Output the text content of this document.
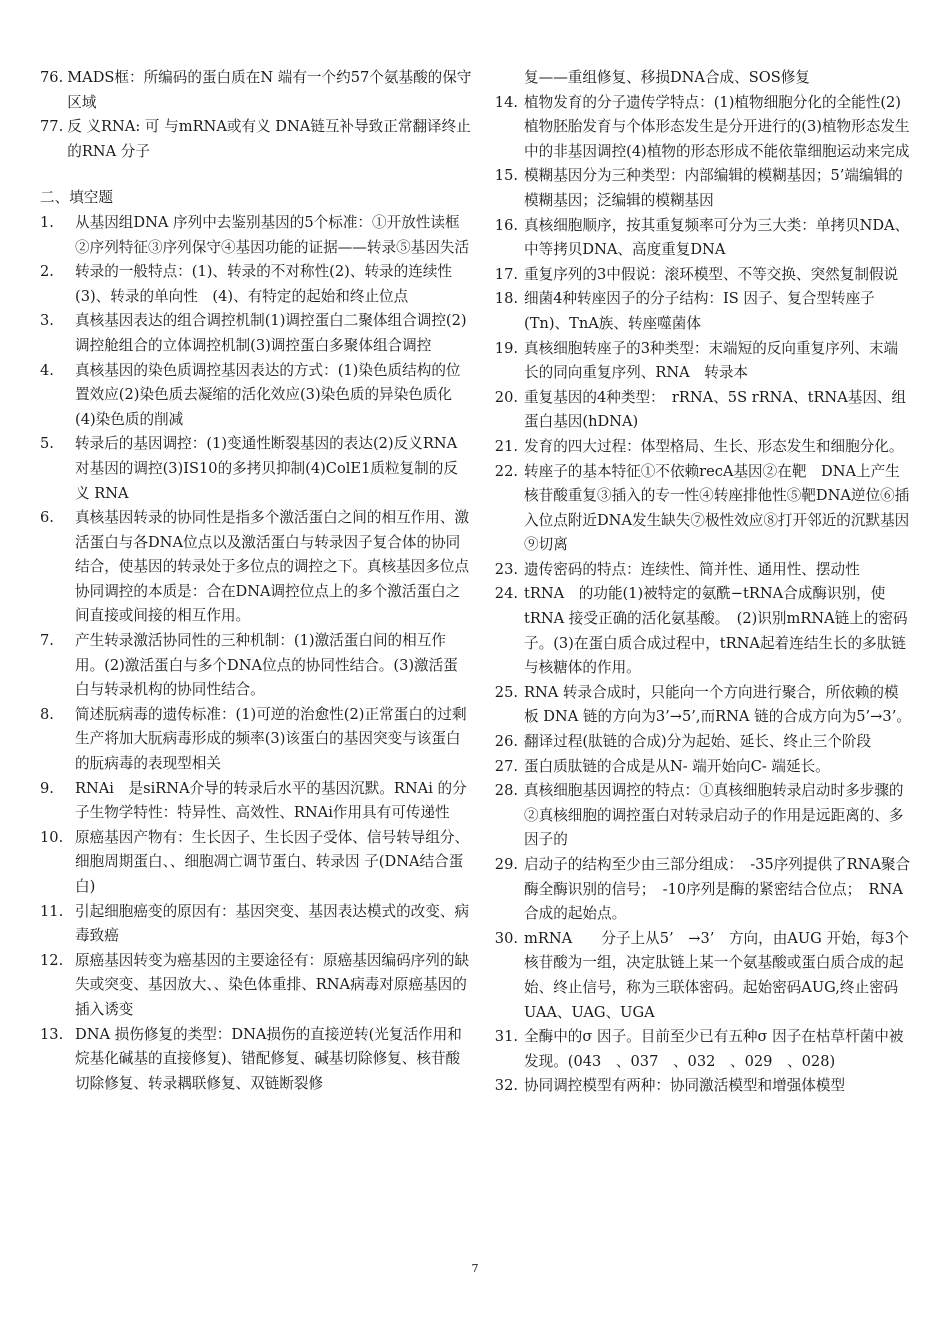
76. MADS框：所编码的蛋白质在N 端有一个约57个氨基酸的保守区域
77. 反 义RNA: 可 与mRNA或有义 DNA链互补导致正常翻译终止的RNA 分子
二、填空题
1.	从基因组DNA 序列中去鉴别基因的5个标准：①开放性读框②序列特征③序列保守④基因功能的证据——转录⑤基因失活
2.	转录的一般特点：(1)、转录的不对称性(2)、转录的连续性(3)、转录的单向性　(4)、有特定的起始和终止位点
3.	真核基因表达的组合调控机制(1)调控蛋白二聚体组合调控(2)调控舱组合的立体调控机制(3)调控蛋白多聚体组合调控
4.	真核基因的染色质调控基因表达的方式：(1)染色质结构的位置效应(2)染色质去凝缩的活化效应(3)染色质的异染色质化(4)染色质的削减
5.	转录后的基因调控：(1)变通性断裂基因的表达(2)反义RNA 对基因的调控(3)IS10的多拷贝抑制(4)ColE1质粒复制的反义 RNA
6.	真核基因转录的协同性是指多个激活蛋白之间的相互作用、激活蛋白与各DNA位点以及激活蛋白与转录因子复合体的协同结合，使基因的转录处于多位点的调控之下。真核基因多位点协同调控的本质是：合在DNA调控位点上的多个激活蛋白之间直接或间接的相互作用。
7.	产生转录激活协同性的三种机制：(1)激活蛋白间的相互作用。(2)激活蛋白与多个DNA位点的协同性结合。(3)激活蛋白与转录机构的协同性结合。
8.	简述朊病毒的遗传标准：(1)可逆的治愈性(2)正常蛋白的过剩生产将加大朊病毒形成的频率(3)该蛋白的基因突变与该蛋白的朊病毒的表现型相关
9.	RNAi　是siRNA介导的转录后水平的基因沉默。RNAi 的分子生物学特性：特异性、高效性、RNAi作用具有可传递性
10. 原癌基因产物有：生长因子、生长因子受体、信号转导组分、细胞周期蛋白、、细胞凋亡调节蛋白、转录因 子(DNA结合蛋白)
11. 引起细胞癌变的原因有：基因突变、基因表达模式的改变、病毒致癌
12. 原癌基因转变为癌基因的主要途径有：原癌基因编码序列的缺失或突变、基因放大、、染色体重排、RNA病毒对原癌基因的插入诱变
13. DNA 损伤修复的类型：DNA损伤的直接逆转(光复活作用和烷基化碱基的直接修复)、错配修复、碱基切除修复、核苷酸切除修复、转录耦联修复、双链断裂修
复——重组修复、移损DNA合成、SOS修复
14. 植物发育的分子遗传学特点：(1)植物细胞分化的全能性(2)植物胚胎发育与个体形态发生是分开进行的(3)植物形态发生中的非基因调控(4)植物的形态形成不能依靠细胞运动来完成
15. 模糊基因分为三种类型：内部编辑的模糊基因；5’端编辑的模糊基因；泛编辑的模糊基因
16. 真核细胞顺序，按其重复频率可分为三大类：单拷贝NDA、中等拷贝DNA、高度重复DNA
17. 重复序列的3中假说：滚环模型、不等交换、突然复制假说
18. 细菌4种转座因子的分子结构：IS 因子、复合型转座子 (Tn)、TnA族、转座噬菌体
19. 真核细胞转座子的3种类型：末端短的反向重复序列、末端长的同向重复序列、RNA　转录本
20. 重复基因的4种类型：　rRNA、5S rRNA、tRNA基因、组蛋白基因(hDNA)
21. 发育的四大过程：体型格局、生长、形态发生和细胞分化。
22. 转座子的基本特征①不依赖recA基因②在靶　DNA上产生核苷酸重复③插入的专一性④转座排他性⑤靶DNA逆位⑥插入位点附近DNA发生缺失⑦极性效应⑧打开邻近的沉默基因⑨切离
23. 遗传密码的特点：连续性、简并性、通用性、摆动性
24. tRNA　的功能(1)被特定的氨酰−tRNA合成酶识别，使tRNA 接受正确的活化氨基酸。　(2)识别mRNA链上的密码子。(3)在蛋白质合成过程中，tRNA起着连结生长的多肽链与核糖体的作用。
25. RNA 转录合成时，只能向一个方向进行聚合，所依赖的模板 DNA 链的方向为3’→5’,而RNA 链的合成方向为5’→3’。
26. 翻译过程(肽链的合成)分为起始、延长、终止三个阶段
27. 蛋白质肽链的合成是从N- 端开始向C- 端延长。
28. 真核细胞基因调控的特点：①真核细胞转录启动时多步骤的②真核细胞的调控蛋白对转录启动子的作用是远距离的、多因子的
29. 启动子的结构至少由三部分组成：　-35序列提供了RNA聚合酶全酶识别的信号；　-10序列是酶的紧密结合位点；　RNA 合成的起始点。
30. mRNA　　分子上从5’　→3’　方向，由AUG 开始，每3个核苷酸为一组，决定肽链上某一个氨基酸或蛋白质合成的起始、终止信号，称为三联体密码。起始密码AUG,终止密码UAA、UAG、UGA
31. 全酶中的σ 因子。目前至少已有五种σ 因子在枯草杆菌中被发现。(043　、037　、032　、029　、028)
32. 协同调控模型有两种：协同激活模型和增强体模型
7
